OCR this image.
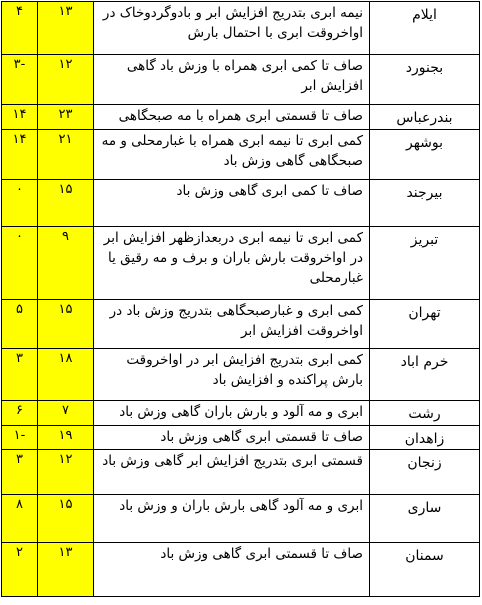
ایلام
نیمه ابری بتدریج افزایش ابر و بادوگردوخاک در اواخروقت ابری با احتمال بارش
۱۳
۴
بجنورد
صاف تا کمی ابری همراه با وزش باد گاهی افزایش ابر
۱۲
-۳
بندرعباس
صاف تا قسمتی ابری همراه با مه صبحگاهی
۲۳
۱۴
بوشهر
کمی ابری تا نیمه ابری همراه با غبارمحلی و مه صبحگاهی گاهی وزش باد
۲۱
۱۴
بیرجند
صاف تا کمی ابری گاهی وزش باد
۱۵
۰
تبریز
کمی ابری تا نیمه ابری دربعدازظهر افزایش ابر در اواخروقت بارش باران و برف و مه رقیق یا غبارمحلی
۹
۰
تهران
کمی ابری و غبارصبحگاهی بتدریج وزش باد در اواخروقت افزایش ابر
۱۵
۵
خرم اباد
کمی ابری بتدریج افزایش ابر در اواخروقت بارش پراکنده و افزایش باد
۱۸
۳
رشت
ابری و مه آلود و بارش باران گاهی وزش باد
۷
۶
زاهدان
صاف تا قسمتی ابری گاهی وزش باد
۱۹
-۱
زنجان
قسمتی ابری بتدریج افزایش ابر گاهی وزش باد
۱۲
۳
ساری
ابری و مه آلود گاهی بارش باران و وزش باد
۱۵
۸
سمنان
صاف تا قسمتی ابری گاهی وزش باد
۱۳
۲
